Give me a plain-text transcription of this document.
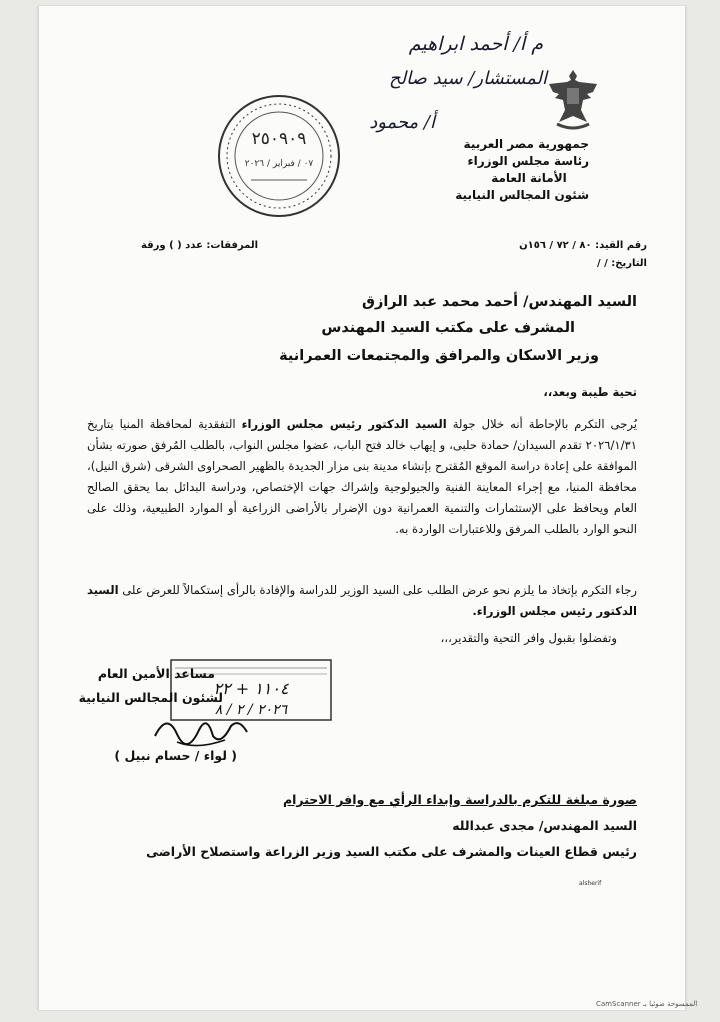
جمهورية مصر العربية
رئاسة مجلس الوزراء
الأمانة العامة
شئون المجالس النيابية
م أ/ أحمد ابراهيم
المستشار/ سيد صالح
أ/ محمود
٢٥٠٩٠٩
٠٧ / فبراير / ٢٠٢٦
رقم القيد: ٨٠ / ٧٢ / ١٥٦ن
التاريخ: / /
المرفقات: عدد ( ) ورقة
السيد المهندس/ أحمد محمد عبد الرازق
المشرف على مكتب السيد المهندس
وزير الاسكان والمرافق والمجتمعات العمرانية
تحية طيبة وبعد،،

يُرجى التكرم بالإحاطة أنه خلال جولة السيد الدكتور رئيس مجلس الوزراء التفقدية لمحافظة المنيا بتاريخ ٢٠٢٦/١/٣١ تقدم السيدان/ حمادة حلبى، و إيهاب خالد فتح الباب، عضوا مجلس النواب، بالطلب المُرفق صورته بشأن الموافقة على إعادة دراسة الموقع المُقترح بإنشاء مدينة بنى مزار الجديدة بالظهير الصحراوى الشرقى (شرق النيل)، محافظة المنيا، مع إجراء المعاينة الفنية والجيولوجية وإشراك جهات الإختصاص، ودراسة البدائل بما يحقق الصالح العام ويحافظ على الإستثمارات والتنمية العمرانية دون الإضرار بالأراضى الزراعية أو الموارد الطبيعية، وذلك على النحو الوارد بالطلب المرفق وللاعتبارات الواردة به.

رجاء التكرم بإتخاذ ما يلزم نحو عرض الطلب على السيد الوزير للدراسة والإفادة بالرأى إستكمالاً للعرض على السيد الدكتور رئيس مجلس الوزراء.

وتفضلوا بقبول وافر التحية والتقدير،،،
١١٠٤ + ٢٢
٢٠٢٦ / ٢ / ٨
مساعد الأمين العام
لشئون المجالس النيابية
( لواء / حسام نبيل )
صورة مبلغة للتكرم بالدراسة وإبداء الرأي مع وافر الاحترام
السيد المهندس/ مجدى عبدالله
رئيس قطاع العينات والمشرف على مكتب السيد وزير الزراعة واستصلاح الأراضى
alsherif
CamScanner الممسوحة ضوئيا بـ
